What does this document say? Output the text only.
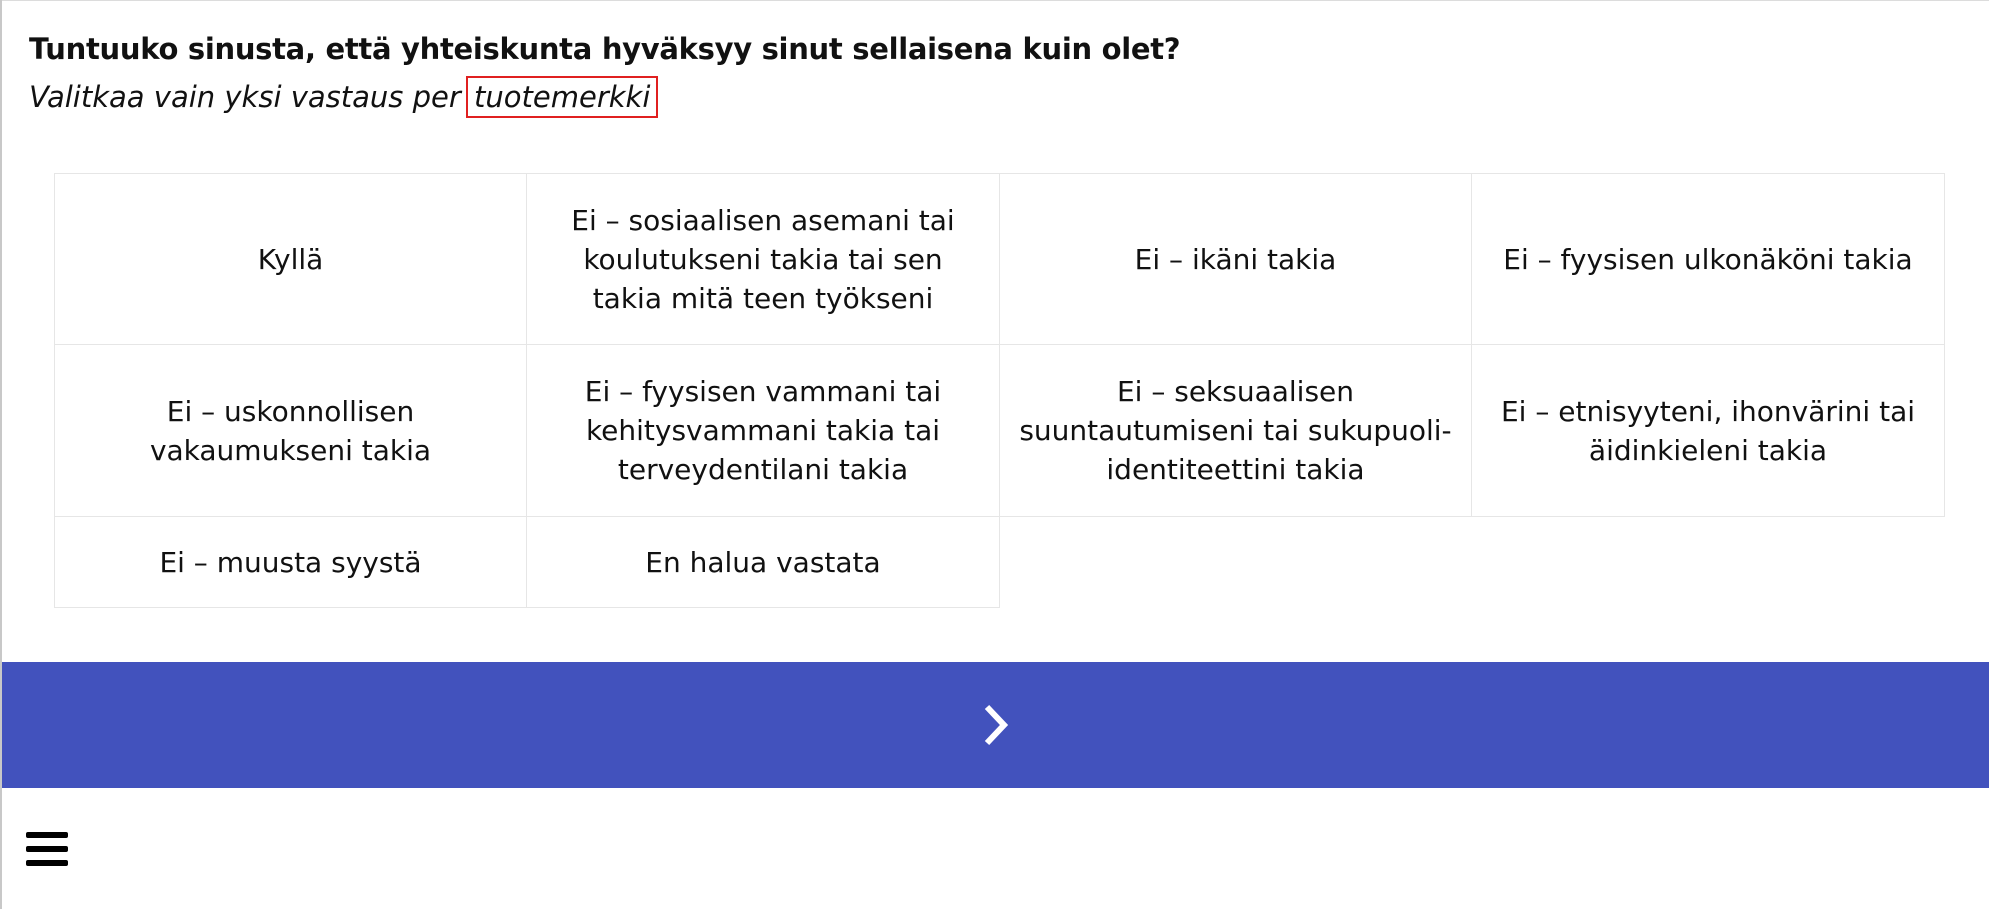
Tuntuuko sinusta, että yhteiskunta hyväksyy sinut sellaisena kuin olet?
Valitkaa vain yksi vastaus per tuotemerkki
Kyllä
Ei – sosiaalisen asemani tai koulutukseni takia tai sen takia mitä teen työkseni
Ei – ikäni takia	Ei – fyysisen ulkonäköni takia
Ei – uskonnollisen vakaumukseni takia
Ei – fyysisen vammani tai kehitysvammani takia tai terveydentilani takia
Ei – seksuaalisen suuntautumiseni tai sukupuoli-identiteettini takia
Ei – etnisyyteni, ihonvärini tai äidinkieleni takia
Ei – muusta syystä	En halua vastata
